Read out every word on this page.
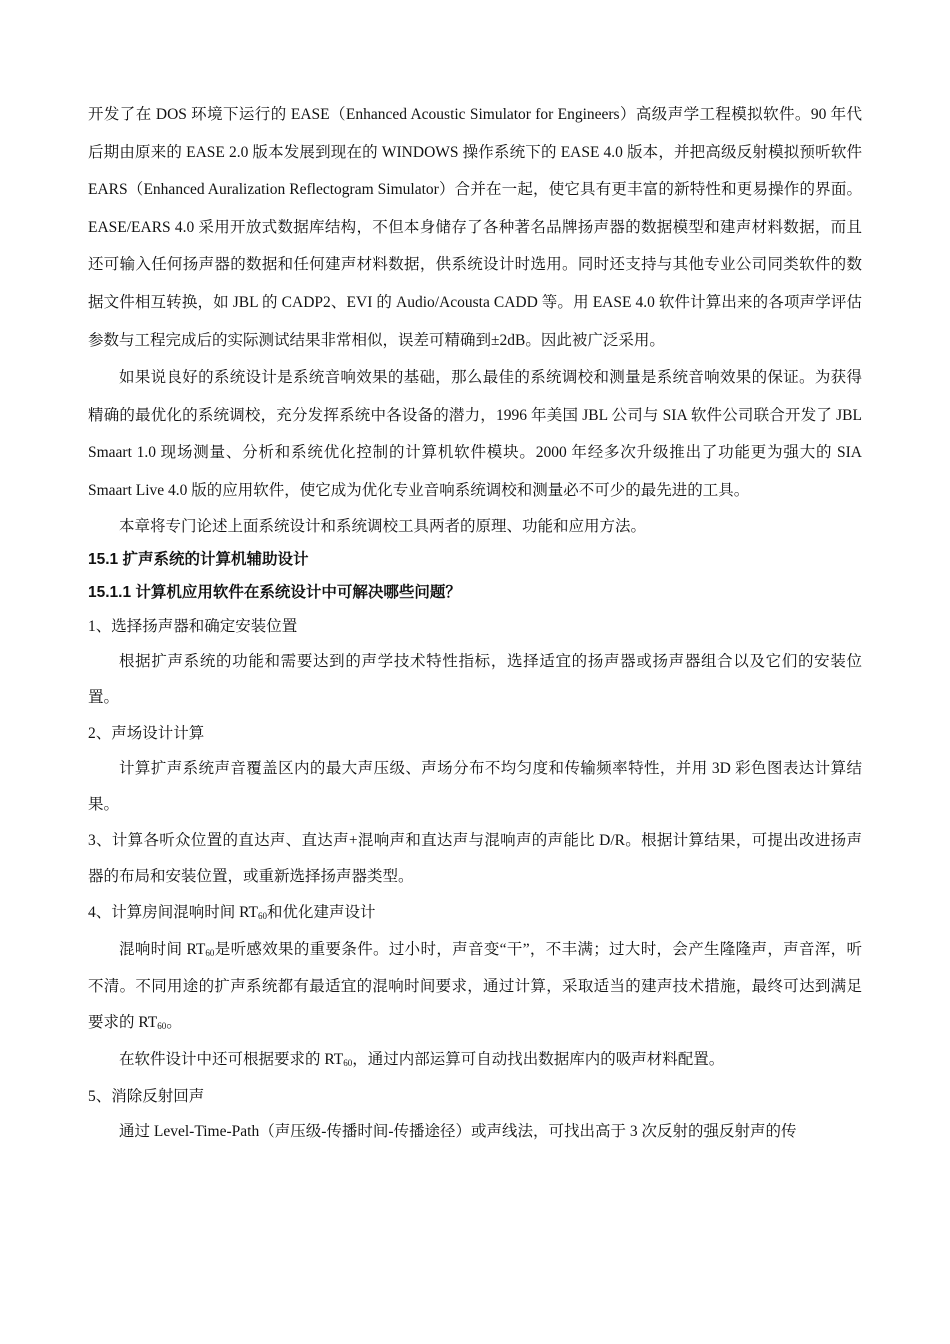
开发了在 DOS 环境下运行的 EASE（Enhanced Acoustic Simulator for Engineers）高级声学工程模拟软件。90 年代后期由原来的 EASE 2.0 版本发展到现在的 WINDOWS 操作系统下的 EASE 4.0 版本，并把高级反射模拟预听软件 EARS（Enhanced Auralization Reflectogram Simulator）合并在一起，使它具有更丰富的新特性和更易操作的界面。EASE/EARS 4.0 采用开放式数据库结构，不但本身储存了各种著名品牌扬声器的数据模型和建声材料数据，而且还可输入任何扬声器的数据和任何建声材料数据，供系统设计时选用。同时还支持与其他专业公司同类软件的数据文件相互转换，如 JBL 的 CADP2、EVI 的 Audio/Acousta CADD 等。用 EASE 4.0 软件计算出来的各项声学评估参数与工程完成后的实际测试结果非常相似，误差可精确到±2dB。因此被广泛采用。

如果说良好的系统设计是系统音响效果的基础，那么最佳的系统调校和测量是系统音响效果的保证。为获得精确的最优化的系统调校，充分发挥系统中各设备的潜力，1996 年美国 JBL 公司与 SIA 软件公司联合开发了 JBL Smaart 1.0 现场测量、分析和系统优化控制的计算机软件模块。2000 年经多次升级推出了功能更为强大的 SIA Smaart Live 4.0 版的应用软件，使它成为优化专业音响系统调校和测量必不可少的最先进的工具。

本章将专门论述上面系统设计和系统调校工具两者的原理、功能和应用方法。

15.1 扩声系统的计算机辅助设计

15.1.1 计算机应用软件在系统设计中可解决哪些问题？

1、选择扬声器和确定安装位置

根据扩声系统的功能和需要达到的声学技术特性指标，选择适宜的扬声器或扬声器组合以及它们的安装位置。

2、声场设计计算

计算扩声系统声音覆盖区内的最大声压级、声场分布不均匀度和传输频率特性，并用 3D 彩色图表达计算结果。

3、计算各听众位置的直达声、直达声+混响声和直达声与混响声的声能比 D/R。根据计算结果，可提出改进扬声器的布局和安装位置，或重新选择扬声器类型。

4、计算房间混响时间 $RT_{60}$和优化建声设计

混响时间 $RT_{60}$是听感效果的重要条件。过小时，声音变“干”，不丰满；过大时，会产生隆隆声，声音浑，听不清。不同用途的扩声系统都有最适宜的混响时间要求，通过计算，采取适当的建声技术措施，最终可达到满足要求的 $RT_{60}$。

在软件设计中还可根据要求的 $RT_{60}$，通过内部运算可自动找出数据库内的吸声材料配置。

5、消除反射回声

通过 Level-Time-Path（声压级-传播时间-传播途径）或声线法，可找出高于 3 次反射的强反射声的传
